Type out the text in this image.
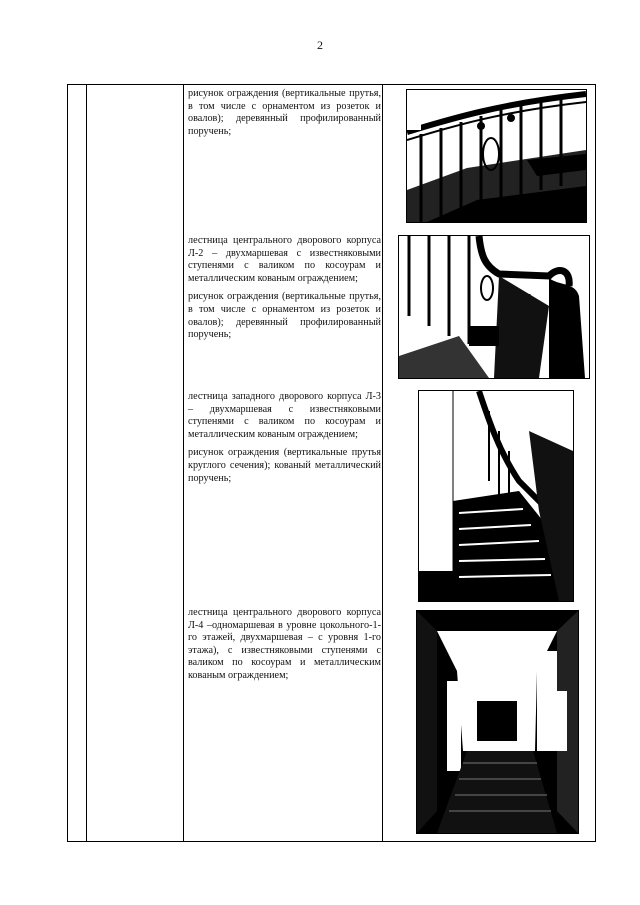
2

рисунок ограждения (вертикальные прутья, в том числе с орнаментом из розеток и овалов); деревянный профилированный поручень;

лестница центрального дворового корпуса Л-2 – двухмаршевая с известняковыми ступенями с валиком по косоурам и металлическим кованым ограждением;

рисунок ограждения (вертикальные прутья, в том числе с орнаментом из розеток и овалов); деревянный профилированный поручень;

лестница западного дворового корпуса Л-3 – двухмаршевая с известняковыми ступенями с валиком по косоурам и металлическим кованым ограждением;

рисунок ограждения (вертикальные прутья круглого сечения); кованый металлический поручень;

лестница центрального дворового корпуса Л-4 –одномаршевая в уровне цокольного-1-го этажей, двухмаршевая – с уровня 1-го этажа), с известняковыми ступенями с валиком по косоурам и металлическим кованым ограждением;
